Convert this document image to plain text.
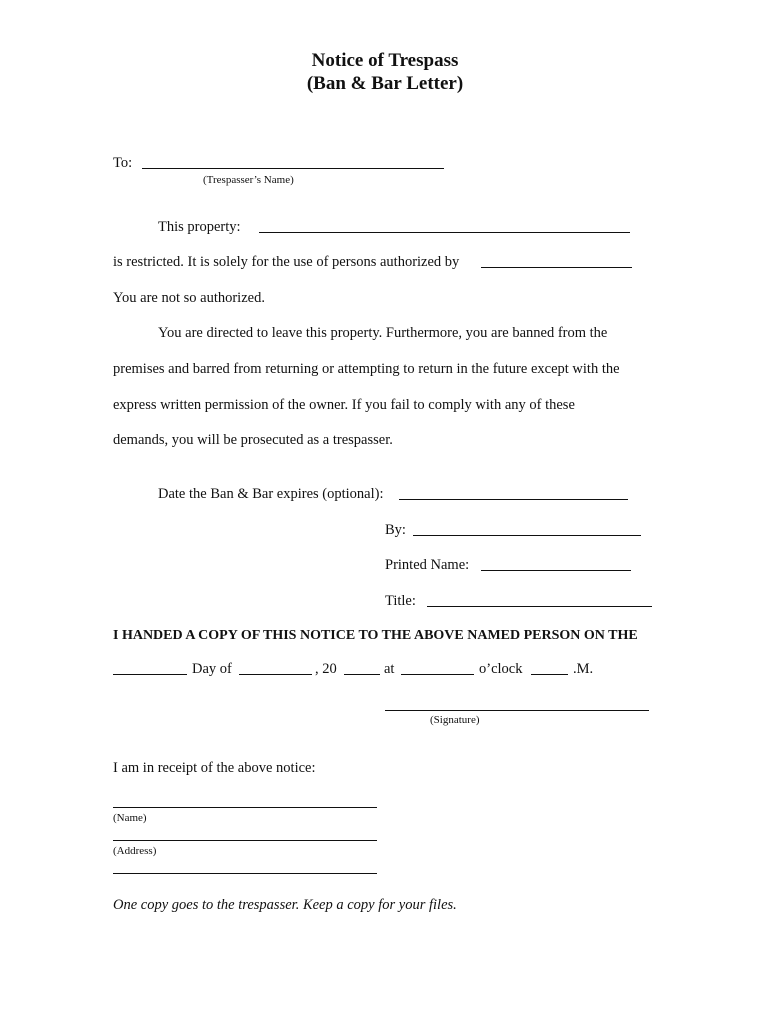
Notice of Trespass
(Ban & Bar Letter)
To:
(Trespasser’s Name)
This property:
is restricted. It is solely for the use of persons authorized by
You are not so authorized.
You are directed to leave this property. Furthermore, you are banned from the
premises and barred from returning or attempting to return in the future except with the
express written permission of the owner. If you fail to comply with any of these
demands, you will be prosecuted as a trespasser.
Date the Ban & Bar expires (optional):
By:
Printed Name:
Title:
I HANDED A COPY OF THIS NOTICE TO THE ABOVE NAMED PERSON ON THE
Day of	, 20	at	o’clock	.M.
(Signature)
I am in receipt of the above notice:
(Name)
(Address)
One copy goes to the trespasser. Keep a copy for your files.
